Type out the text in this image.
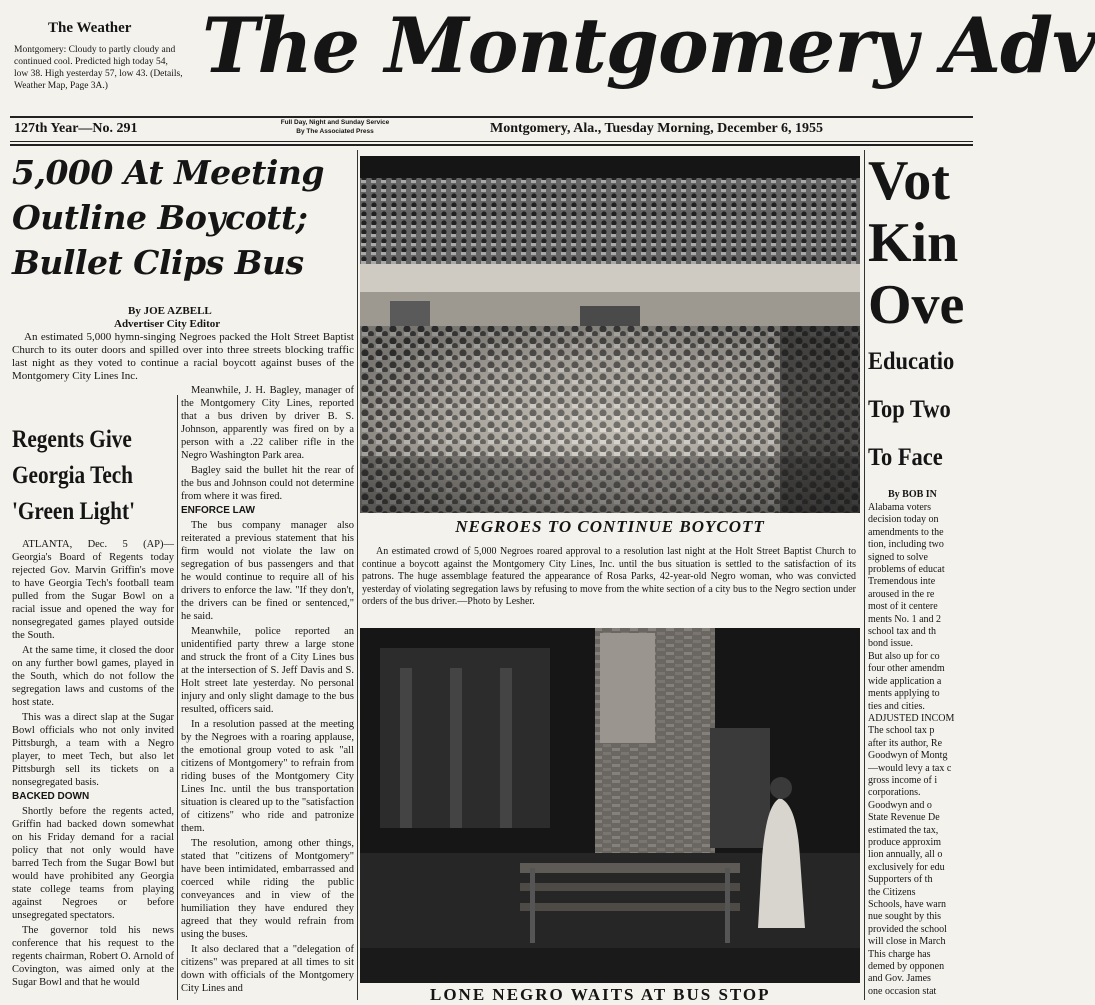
The Weather
Montgomery: Cloudy to partly cloudy and continued cool. Predicted high today 54, low 38. High yesterday 57, low 43. (Details, Weather Map, Page 3A.)	The Montgomery Adv
127th Year—No. 291	Full Day, Night and Sunday Service
By The Associated Press	Montgomery, Ala., Tuesday Morning, December 6, 1955
5,000 At Meeting
Outline Boycott;
Bullet Clips Bus
By JOE AZBELL
Advertiser City Editor

An estimated 5,000 hymn-singing Negroes packed the Holt Street Baptist Church to its outer doors and spilled over into three streets blocking traffic last night as they voted to continue a racial boycott against buses of the Montgomery City Lines Inc.

Meanwhile, J. H. Bagley, manager of the Montgomery City Lines, reported that a bus driven by driver B. S. Johnson, apparently was fired on by a person with a .22 caliber rifle in the Negro Washington Park area.

Bagley said the bullet hit the rear of the bus and Johnson could not determine from where it was fired.

ENFORCE LAW

The bus company manager also reiterated a previous statement that his firm would not violate the law on segregation of bus passengers and that he would continue to require all of his drivers to enforce the law. "If they don't, the drivers can be fined or sentenced," he said.

Meanwhile, police reported an unidentified party threw a large stone and struck the front of a City Lines bus at the intersection of S. Jeff Davis and S. Holt street late yesterday. No personal injury and only slight damage to the bus resulted, officers said.

In a resolution passed at the meeting by the Negroes with a roaring applause, the emotional group voted to ask "all citizens of Montgomery" to refrain from riding buses of the Montgomery City Lines Inc. until the bus transportation situation is cleared up to the "satisfaction of citizens" who ride and patronize them.

The resolution, among other things, stated that "citizens of Montgomery" have been intimidated, embarrassed and coerced while riding the public conveyances and in view of the humiliation they have endured they agreed that they would refrain from using the buses.

It also declared that a "delegation of citizens" was prepared at all times to sit down with officials of the Montgomery City Lines and

Regents Give
Georgia Tech
'Green Light'

ATLANTA, Dec. 5 (AP)—Georgia's Board of Regents today rejected Gov. Marvin Griffin's move to have Georgia Tech's football team pulled from the Sugar Bowl on a racial issue and opened the way for nonsegregated games played outside the South.

At the same time, it closed the door on any further bowl games, played in the South, which do not follow the segregation laws and customs of the host state.

This was a direct slap at the Sugar Bowl officials who not only invited Pittsburgh, a team with a Negro player, to meet Tech, but also let Pittsburgh sell its tickets on a nonsegregated basis.

BACKED DOWN

Shortly before the regents acted, Griffin had backed down somewhat on his Friday demand for a racial policy that not only would have barred Tech from the Sugar Bowl but would have prohibited any Georgia state college teams from playing against Negroes or before unsegregated spectators.

The governor told his news conference that his request to the regents chairman, Robert O. Arnold of Covington, was aimed only at the Sugar Bowl and that he would

NEGROES TO CONTINUE BOYCOTT
An estimated crowd of 5,000 Negroes roared approval to a resolution last night at the Holt Street Baptist Church to continue a boycott against the Montgomery City Lines, Inc. until the bus situation is settled to the satisfaction of its patrons. The huge assemblage featured the appearance of Rosa Parks, 42-year-old Negro woman, who was convicted yesterday of violating segregation laws by refusing to move from the white section of a city bus to the Negro section under orders of the bus driver.—Photo by Lesher.
LONE NEGRO WAITS AT BUS STOP
Vot
Kin
Ove
Educatio
Top Two
To Face
By BOB IN
Alabama voters
decision today on
amendments to the
tion, including two
signed to solve
problems of educat
Tremendous inte
aroused in the re
most of it centere
ments No. 1 and 2
school tax and th
bond issue.
But also up for co
four other amendm
wide application a
ments applying to
ties and cities.
ADJUSTED INCOM
The school tax p
after its author, Re
Goodwyn of Montg
—would levy a tax c
gross income of i
corporations.
Goodwyn and o
State Revenue De
estimated the tax,
produce approxim
lion annually, all o
exclusively for edu
Supporters of th
the Citizens
Schools, have warn
nue sought by this
provided the school
will close in March
This charge has
demed by opponen
and Gov. James
one occasion stat
